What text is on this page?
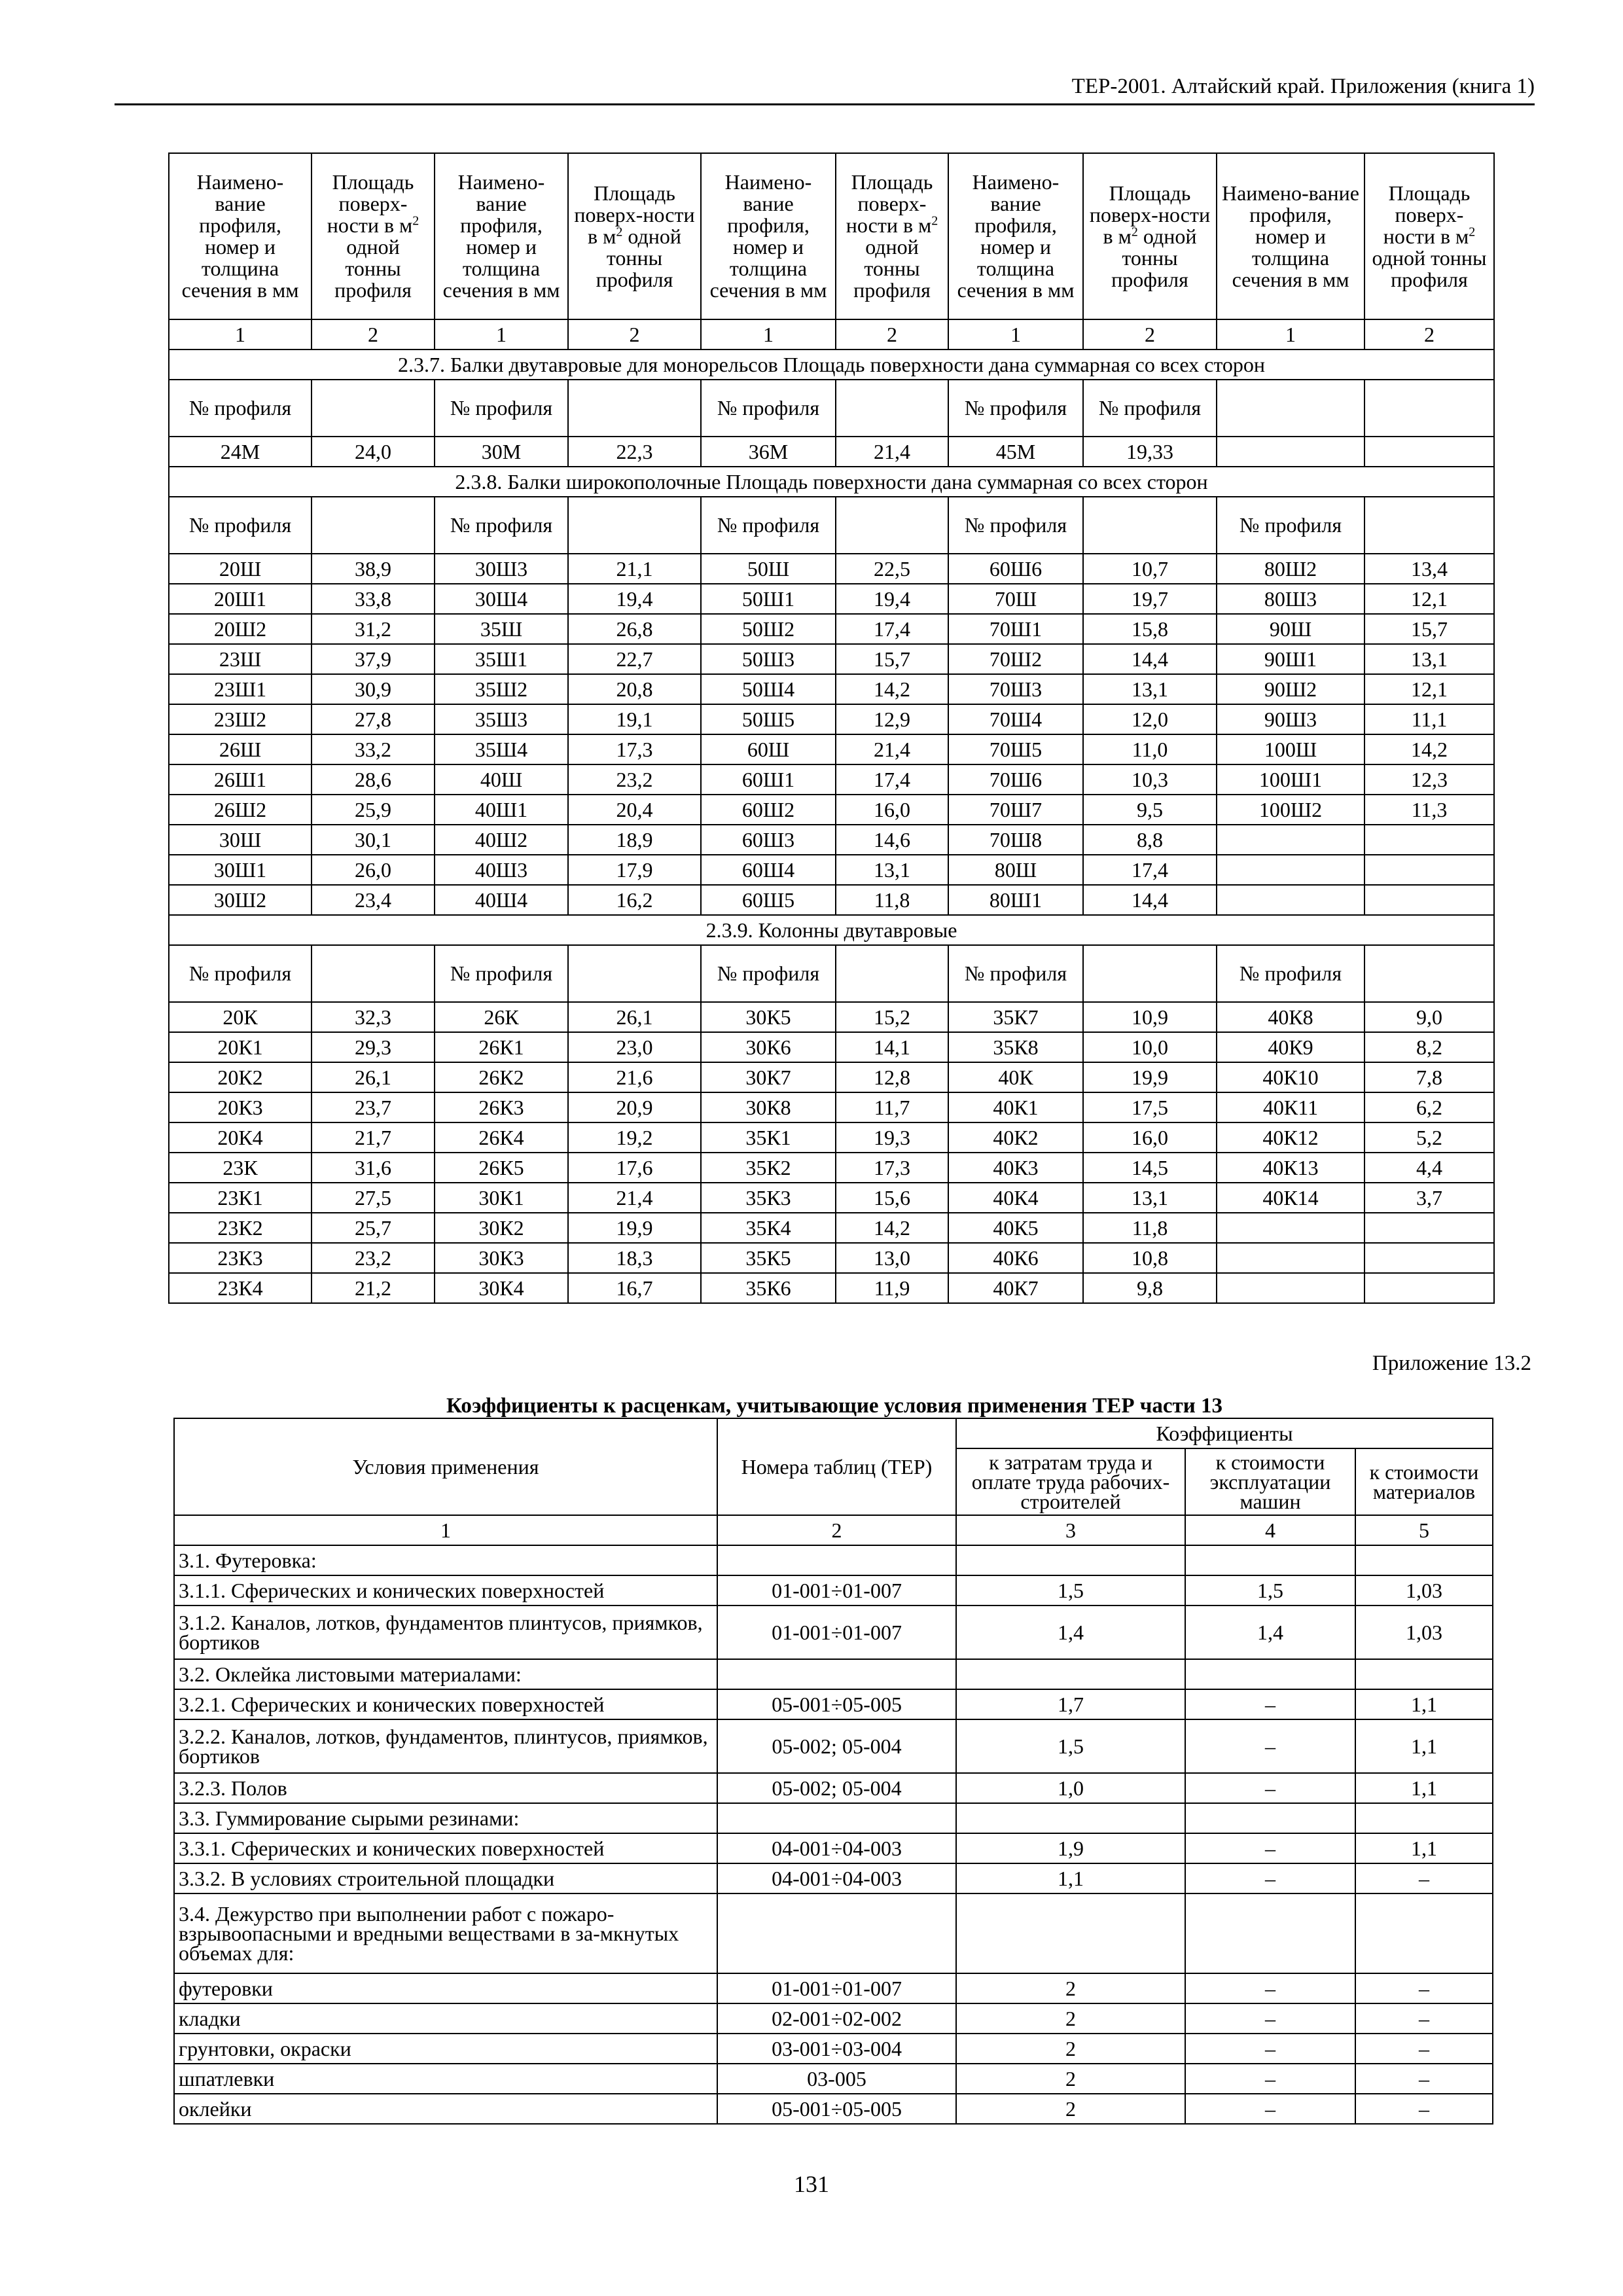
ТЕР-2001. Алтайский край. Приложения (книга 1)
Наимено-вание профиля, номер и толщина сечения в мм	Площадь поверх-ности в $м^2$ одной тонны профиля	Наимено-вание профиля, номер и толщина сечения в мм	Площадь поверх-ности в $м^2$ одной тонны профиля	Наимено-вание профиля, номер и толщина сечения в мм	Площадь поверх-ности в $м^2$ одной тонны профиля	Наимено-вание профиля, номер и толщина сечения в мм	Площадь поверх-ности в $м^2$ одной тонны профиля	Наимено-вание профиля, номер и толщина сечения в мм	Площадь поверх-ности в $м^2$ одной тонны профиля
1	2	1	2	1	2	1	2	1	2
2.3.7. Балки двутавровые для монорельсов Площадь поверхности дана суммарная со всех сторон									
№ профиля		№ профиля		№ профиля		№ профиля	№ профиля		
24М	24,0	30М	22,3	36М	21,4	45М	19,33		
2.3.8. Балки широкополочные Площадь поверхности дана суммарная со всех сторон									
№ профиля		№ профиля		№ профиля		№ профиля		№ профиля	
20Ш	38,9	30Ш3	21,1	50Ш	22,5	60Ш6	10,7	80Ш2	13,4
20Ш1	33,8	30Ш4	19,4	50Ш1	19,4	70Ш	19,7	80Ш3	12,1
20Ш2	31,2	35Ш	26,8	50Ш2	17,4	70Ш1	15,8	90Ш	15,7
23Ш	37,9	35Ш1	22,7	50Ш3	15,7	70Ш2	14,4	90Ш1	13,1
23Ш1	30,9	35Ш2	20,8	50Ш4	14,2	70Ш3	13,1	90Ш2	12,1
23Ш2	27,8	35Ш3	19,1	50Ш5	12,9	70Ш4	12,0	90Ш3	11,1
26Ш	33,2	35Ш4	17,3	60Ш	21,4	70Ш5	11,0	100Ш	14,2
26Ш1	28,6	40Ш	23,2	60Ш1	17,4	70Ш6	10,3	100Ш1	12,3
26Ш2	25,9	40Ш1	20,4	60Ш2	16,0	70Ш7	9,5	100Ш2	11,3
30Ш	30,1	40Ш2	18,9	60Ш3	14,6	70Ш8	8,8		
30Ш1	26,0	40Ш3	17,9	60Ш4	13,1	80Ш	17,4		
30Ш2	23,4	40Ш4	16,2	60Ш5	11,8	80Ш1	14,4		
2.3.9. Колонны двутавровые									
№ профиля		№ профиля		№ профиля		№ профиля		№ профиля	
20К	32,3	26К	26,1	30К5	15,2	35К7	10,9	40К8	9,0
20К1	29,3	26К1	23,0	30К6	14,1	35К8	10,0	40К9	8,2
20К2	26,1	26К2	21,6	30К7	12,8	40К	19,9	40К10	7,8
20К3	23,7	26К3	20,9	30К8	11,7	40К1	17,5	40К11	6,2
20К4	21,7	26К4	19,2	35К1	19,3	40К2	16,0	40К12	5,2
23К	31,6	26К5	17,6	35К2	17,3	40К3	14,5	40К13	4,4
23К1	27,5	30К1	21,4	35К3	15,6	40К4	13,1	40К14	3,7
23К2	25,7	30К2	19,9	35К4	14,2	40К5	11,8		
23К3	23,2	30К3	18,3	35К5	13,0	40К6	10,8		
23К4	21,2	30К4	16,7	35К6	11,9	40К7	9,8		
Приложение 13.2
Коэффициенты к расценкам, учитывающие условия применения ТЕР части 13
Условия применения	Номера таблиц (ТЕР)	Коэффициенты		
		к затратам труда и оплате труда рабочих-строителей	к стоимости эксплуатации машин	к стоимости материалов
1	2	3	4	5
3.1. Футеровка:				
3.1.1. Сферических и конических поверхностей	01-001÷01-007	1,5	1,5	1,03
3.1.2. Каналов, лотков, фундаментов плинтусов, приямков, бортиков	01-001÷01-007	1,4	1,4	1,03
3.2. Оклейка листовыми материалами:				
3.2.1. Сферических и конических поверхностей	05-001÷05-005	1,7	–	1,1
3.2.2. Каналов, лотков, фундаментов, плинтусов, приямков, бортиков	05-002; 05-004	1,5	–	1,1
3.2.3. Полов	05-002; 05-004	1,0	–	1,1
3.3. Гуммирование сырыми резинами:				
3.3.1. Сферических и конических поверхностей	04-001÷04-003	1,9	–	1,1
3.3.2. В условиях строительной площадки	04-001÷04-003	1,1	–	–
3.4. Дежурство при выполнении работ с пожаро-взрывоопасными и вредными веществами в за-мкнутых объемах для:				
футеровки	01-001÷01-007	2	–	–
кладки	02-001÷02-002	2	–	–
грунтовки, окраски	03-001÷03-004	2	–	–
шпатлевки	03-005	2	–	–
оклейки	05-001÷05-005	2	–	–
131
